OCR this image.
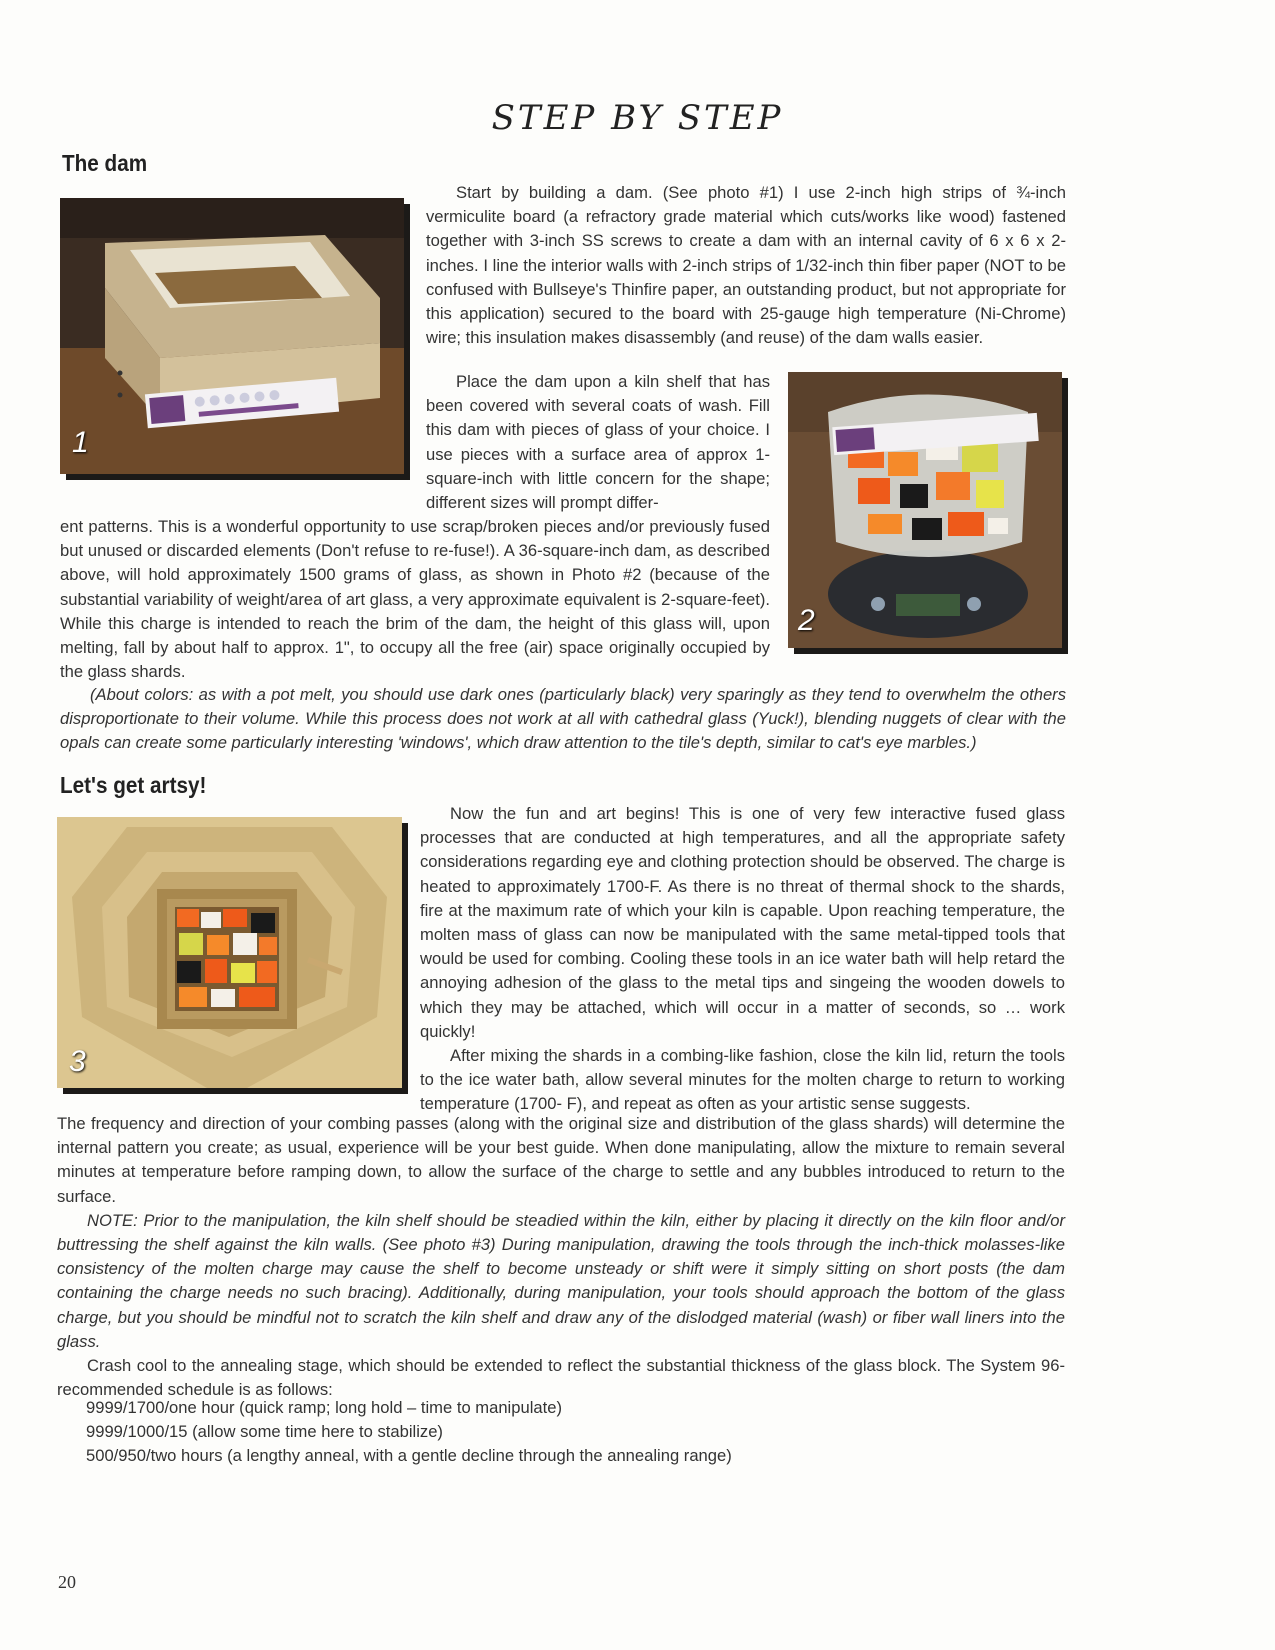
STEP BY STEP
The dam
1

Start by building a dam. (See photo #1) I use 2-inch high strips of ¾-inch vermiculite board (a refractory grade material which cuts/works like wood) fastened together with 3-inch SS screws to create a dam with an internal cavity of 6 x 6 x 2-inches. I line the interior walls with 2-inch strips of 1/32-inch thin fiber paper (NOT to be confused with Bullseye's Thinfire paper, an outstanding product, but not appropriate for this application) secured to the board with 25-gauge high temperature (Ni-Chrome) wire; this insulation makes disassembly (and reuse) of the dam walls easier.

Place the dam upon a kiln shelf that has been covered with several coats of wash. Fill this dam with pieces of glass of your choice. I use pieces with a surface area of approx 1-square-inch with little concern for the shape; different sizes will prompt differ-

2

ent patterns. This is a wonderful opportunity to use scrap/broken pieces and/or previously fused but unused or discarded elements (Don't refuse to re-fuse!). A 36-square-inch dam, as described above, will hold approximately 1500 grams of glass, as shown in Photo #2 (because of the substantial variability of weight/area of art glass, a very approximate equivalent is 2-square-feet). While this charge is intended to reach the brim of the dam, the height of this glass will, upon melting, fall by about half to approx. 1", to occupy all the free (air) space originally occupied by the glass shards.

(About colors: as with a pot melt, you should use dark ones (particularly black) very sparingly as they tend to overwhelm the others disproportionate to their volume. While this process does not work at all with cathedral glass (Yuck!), blending nuggets of clear with the opals can create some particularly interesting 'windows', which draw attention to the tile's depth, similar to cat's eye marbles.)

Let's get artsy!
3

Now the fun and art begins! This is one of very few interactive fused glass processes that are conducted at high temperatures, and all the appropriate safety considerations regarding eye and clothing protection should be observed. The charge is heated to approximately 1700-F. As there is no threat of thermal shock to the shards, fire at the maximum rate of which your kiln is capable. Upon reaching temperature, the molten mass of glass can now be manipulated with the same metal-tipped tools that would be used for combing. Cooling these tools in an ice water bath will help retard the annoying adhesion of the glass to the metal tips and singeing the wooden dowels to which they may be attached, which will occur in a matter of seconds, so … work quickly!

After mixing the shards in a combing-like fashion, close the kiln lid, return the tools to the ice water bath, allow several minutes for the molten charge to return to working temperature (1700- F), and repeat as often as your artistic sense suggests.

The frequency and direction of your combing passes (along with the original size and distribution of the glass shards) will determine the internal pattern you create; as usual, experience will be your best guide. When done manipulating, allow the mixture to remain several minutes at temperature before ramping down, to allow the surface of the charge to settle and any bubbles introduced to return to the surface.

NOTE: Prior to the manipulation, the kiln shelf should be steadied within the kiln, either by placing it directly on the kiln floor and/or buttressing the shelf against the kiln walls. (See photo #3) During manipulation, drawing the tools through the inch-thick molasses-like consistency of the molten charge may cause the shelf to become unsteady or shift were it simply sitting on short posts (the dam containing the charge needs no such bracing). Additionally, during manipulation, your tools should approach the bottom of the glass charge, but you should be mindful not to scratch the kiln shelf and draw any of the dislodged material (wash) or fiber wall liners into the glass.

Crash cool to the annealing stage, which should be extended to reflect the substantial thickness of the glass block. The System 96-recommended schedule is as follows:

9999/1700/one hour (quick ramp; long hold – time to manipulate)
9999/1000/15 (allow some time here to stabilize)
500/950/two hours (a lengthy anneal, with a gentle decline through the annealing range)
20
